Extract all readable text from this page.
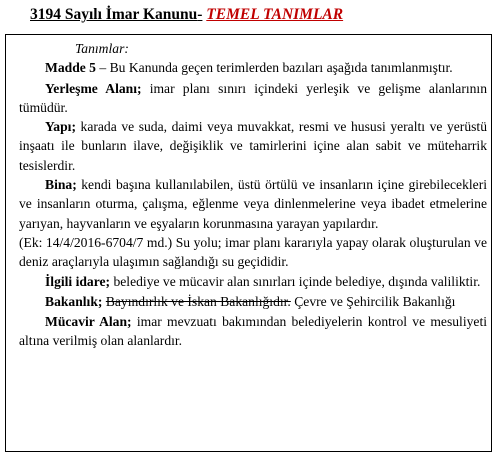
3194 Sayılı İmar Kanunu- TEMEL TANIMLAR

Tanımlar:

Madde 5 – Bu Kanunda geçen terimlerden bazıları aşağıda tanımlanmıştır.

Yerleşme Alanı; imar planı sınırı içindeki yerleşik ve gelişme alanlarının tümüdür.

Yapı; karada ve suda, daimi veya muvakkat, resmi ve hususi yeraltı ve yerüstü inşaatı ile bunların ilave, değişiklik ve tamirlerini içine alan sabit ve müteharrik tesislerdir.

Bina; kendi başına kullanılabilen, üstü örtülü ve insanların içine girebilecekleri ve insanların oturma, çalışma, eğlenme veya dinlenmelerine veya ibadet etmelerine yarıyan, hayvanların ve eşyaların korunmasına yarayan yapılardır.

(Ek: 14/4/2016-6704/7 md.) Su yolu; imar planı kararıyla yapay olarak oluşturulan ve deniz araçlarıyla ulaşımın sağlandığı su geçididir.

İlgili idare; belediye ve mücavir alan sınırları içinde belediye, dışında valiliktir.

Bakanlık; Bayındırlık ve İskan Bakanlığıdır. Çevre ve Şehircilik Bakanlığı

Mücavir Alan; imar mevzuatı bakımından belediyelerin kontrol ve mesuliyeti altına verilmiş olan alanlardır.
